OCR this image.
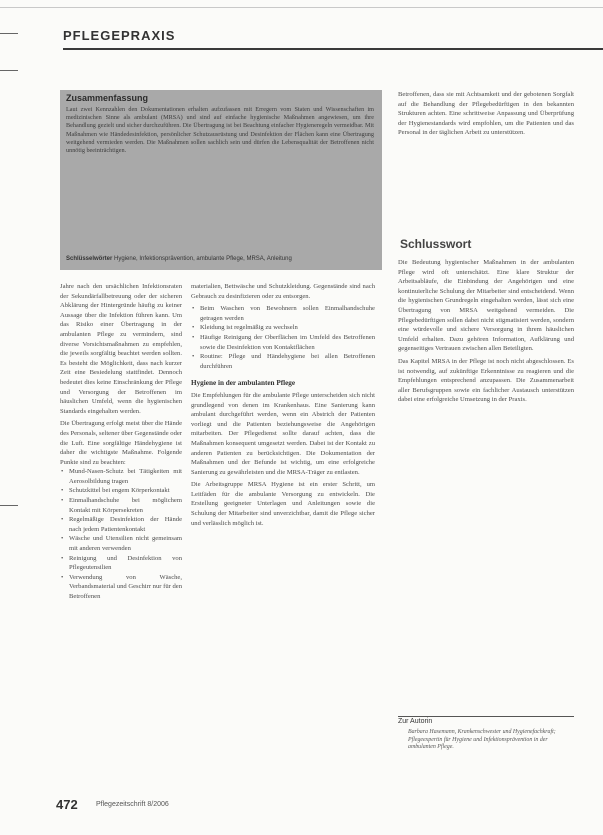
PFLEGEPRAXIS
Zusammenfassung
Laut zwei Kennzahlen den Dokumentationen erhalten aufzufassen mit Erregern vom Staten und Wissenschaften im medizinischen Sinne als ambulant (MRSA) und sind auf einfache hygienische Maßnahmen angewiesen, um ihre Behandlung gezielt und sicher durchzuführen. Die Übertragung ist bei Beachtung einfacher Hygieneregeln vermeidbar. Mit Maßnahmen wie Händedesinfektion, persönlicher Schutzausrüstung und Desinfektion der Flächen kann eine Übertragung weitgehend vermieden werden. Die Maßnahmen sollen sachlich sein und dürfen die Lebensqualität der Betroffenen nicht unnötig beeinträchtigen.
Schlüsselwörter Hygiene, Infektionsprävention, ambulante Pflege, MRSA, Anleitung

Jahre nach den ursächlichen Infektionsraten der Sekundärfallbetreuung oder der sicheren Abklärung der Hintergründe häufig zu keiner Aussage über die Infektion führen kann. Um das Risiko einer Übertragung in der ambulanten Pflege zu vermindern, sind diverse Vorsichtsmaßnahmen zu empfehlen, die jeweils sorgfältig beachtet werden sollten. Es besteht die Möglichkeit, dass nach kurzer Zeit eine Besiedelung stattfindet. Dennoch bedeutet dies keine Einschränkung der Pflege und Versorgung der Betroffenen im häuslichen Umfeld, wenn die hygienischen Standards eingehalten werden.

Die Übertragung erfolgt meist über die Hände des Personals, seltener über Gegenstände oder die Luft. Eine sorgfältige Händehygiene ist daher die wichtigste Maßnahme. Folgende Punkte sind zu beachten:

• Mund-Nasen-Schutz bei Tätigkeiten mit Aerosolbildung tragen
• Schutzkittel bei engem Körperkontakt
• Einmalhandschuhe bei möglichem Kontakt mit Körpersekreten
• Regelmäßige Desinfektion der Hände nach jedem Patientenkontakt
• Wäsche und Utensilien nicht gemeinsam mit anderen verwenden
• Reinigung und Desinfektion von Pflegeutensilien
• Verwendung von Wäsche, Verbandsmaterial und Geschirr nur für den Betroffenen

materialien, Bettwäsche und Schutzkleidung. Gegenstände sind nach Gebrauch zu desinfizieren oder zu entsorgen.

• Beim Waschen von Bewohnern sollen Einmalhandschuhe getragen werden
• Kleidung ist regelmäßig zu wechseln
• Häufige Reinigung der Oberflächen im Umfeld des Betroffenen sowie die Desinfektion von Kontaktflächen
• Routine: Pflege und Händehygiene bei allen Betroffenen durchführen
Hygiene in der ambulanten Pflege

Die Empfehlungen für die ambulante Pflege unterscheiden sich nicht grundlegend von denen im Krankenhaus. Eine Sanierung kann ambulant durchgeführt werden, wenn ein Abstrich der Patienten vorliegt und die Patienten beziehungsweise die Angehörigen mitarbeiten. Der Pflegedienst sollte darauf achten, dass die Maßnahmen konsequent umgesetzt werden. Dabei ist der Kontakt zu anderen Patienten zu berücksichtigen. Die Dokumentation der Maßnahmen und der Befunde ist wichtig, um eine erfolgreiche Sanierung zu gewährleisten und die MRSA-Träger zu entlasten.

Die Arbeitsgruppe MRSA Hygiene ist ein erster Schritt, um Leitfäden für die ambulante Versorgung zu entwickeln. Die Erstellung geeigneter Unterlagen und Anleitungen sowie die Schulung der Mitarbeiter sind unverzichtbar, damit die Pflege sicher und verlässlich möglich ist.

Betroffenen, dass sie mit Achtsamkeit und der gebotenen Sorgfalt auf die Behandlung der Pflegebedürftigen in den bekannten Strukturen achten. Eine schrittweise Anpassung und Überprüfung der Hygienestandards wird empfohlen, um die Patienten und das Personal in der täglichen Arbeit zu unterstützen.

Schlusswort

Die Bedeutung hygienischer Maßnahmen in der ambulanten Pflege wird oft unterschätzt. Eine klare Struktur der Arbeitsabläufe, die Einbindung der Angehörigen und eine kontinuierliche Schulung der Mitarbeiter sind entscheidend. Wenn die hygienischen Grundregeln eingehalten werden, lässt sich eine Übertragung von MRSA weitgehend vermeiden. Die Pflegebedürftigen sollen dabei nicht stigmatisiert werden, sondern eine würdevolle und sichere Versorgung in ihrem häuslichen Umfeld erhalten. Dazu gehören Information, Aufklärung und gegenseitiges Vertrauen zwischen allen Beteiligten.

Das Kapitel MRSA in der Pflege ist noch nicht abgeschlossen. Es ist notwendig, auf zukünftige Erkenntnisse zu reagieren und die Empfehlungen entsprechend anzupassen. Die Zusammenarbeit aller Berufsgruppen sowie ein fachlicher Austausch unterstützen dabei eine erfolgreiche Umsetzung in der Praxis.

Zur Autorin
Barbara Hasemann, Krankenschwester und Hygienefachkraft; Pflegeexpertin für Hygiene und Infektionsprävention in der ambulanten Pflege.
472	Pflegezeitschrift 8/2006
